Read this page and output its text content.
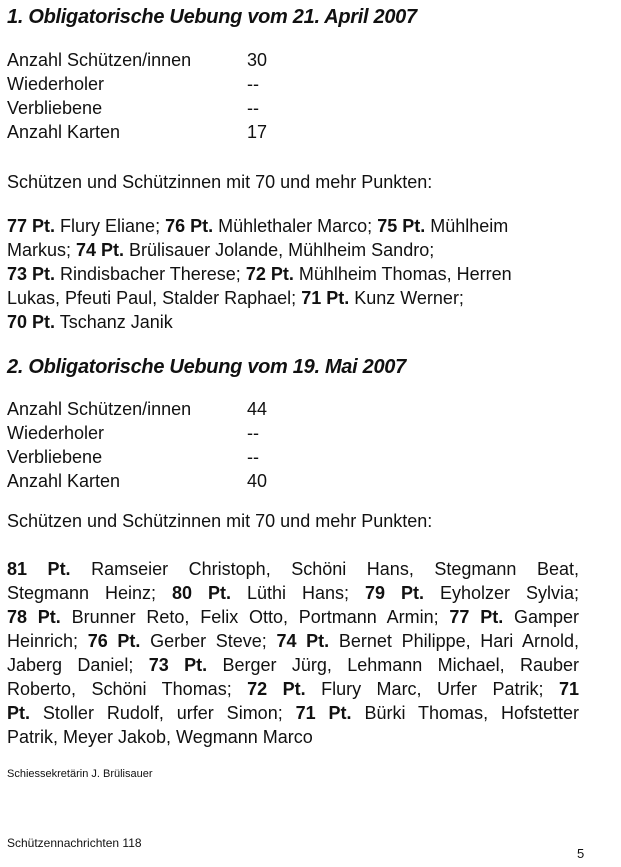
1. Obligatorische Uebung vom 21. April 2007
Anzahl Schützen/innen	30
Wiederholer	--
Verbliebene	--
Anzahl Karten	17
Schützen und Schützinnen mit 70 und mehr Punkten:
77 Pt. Flury Eliane; 76 Pt. Mühlethaler Marco; 75 Pt. Mühlheim
Markus; 74 Pt. Brülisauer Jolande, Mühlheim Sandro;
73 Pt. Rindisbacher Therese; 72 Pt. Mühlheim Thomas, Herren
Lukas, Pfeuti Paul, Stalder Raphael; 71 Pt. Kunz Werner;
70 Pt. Tschanz Janik
2. Obligatorische Uebung vom 19. Mai 2007
Anzahl Schützen/innen	44
Wiederholer	--
Verbliebene	--
Anzahl Karten	40
Schützen und Schützinnen mit 70 und mehr Punkten:
81 Pt. Ramseier Christoph, Schöni Hans, Stegmann Beat,
Stegmann Heinz; 80 Pt. Lüthi Hans; 79 Pt. Eyholzer Sylvia;
78 Pt. Brunner Reto, Felix Otto, Portmann Armin; 77 Pt. Gamper
Heinrich; 76 Pt. Gerber Steve; 74 Pt. Bernet Philippe, Hari Arnold,
Jaberg Daniel; 73 Pt. Berger Jürg, Lehmann Michael, Rauber
Roberto, Schöni Thomas; 72 Pt. Flury Marc, Urfer Patrik; 71
Pt. Stoller Rudolf, urfer Simon; 71 Pt. Bürki Thomas, Hofstetter
Patrik, Meyer Jakob, Wegmann Marco
Schiessekretärin J. Brülisauer
Schützennachrichten 118
5
